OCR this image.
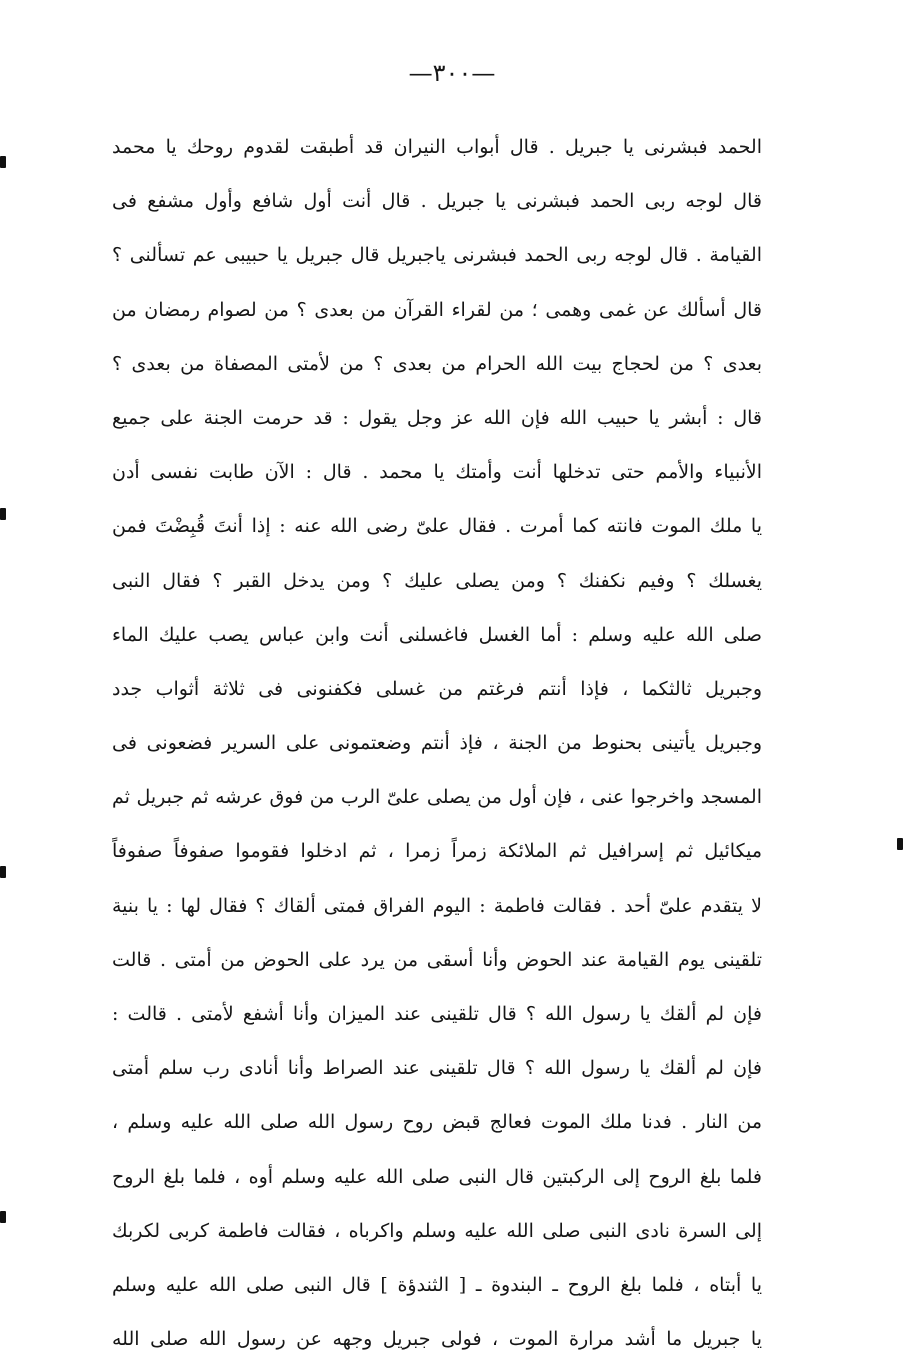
—٣٠٠—
الحمد فبشرنى يا جبريل . قال أبواب النيران قد أطبقت لقدوم روحك يا محمد
قال لوجه ربى الحمد فبشرنى يا جبريل . قال أنت أول شافع وأول مشفع فى
القيامة . قال لوجه ربى الحمد فبشرنى ياجبريل قال جبريل يا حبيبى عم تسألنى ؟
قال أسألك عن غمى وهمى ؛ من لقراء القرآن من بعدى ؟ من لصوام رمضان من
بعدى ؟ من لحجاج بيت الله الحرام من بعدى ؟ من لأمتى المصفاة من بعدى ؟
قال : أبشر يا حبيب الله فإن الله عز وجل يقول : قد حرمت الجنة على جميع
الأنبياء والأمم حتى تدخلها أنت وأمتك يا محمد . قال : الآن طابت نفسى أدن
يا ملك الموت فانته كما أمرت . فقال علىّ رضى الله عنه : إذا أنتَ قُبِضْتَ فمن
يغسلك ؟ وفيم نكفنك ؟ ومن يصلى عليك ؟ ومن يدخل القبر ؟ فقال النبى
صلى الله عليه وسلم : أما الغسل فاغسلنى أنت وابن عباس يصب عليك الماء
وجبريل ثالثكما ، فإذا أنتم فرغتم من غسلى فكفنونى فى ثلاثة أثواب جدد
وجبريل يأتينى بحنوط من الجنة ، فإذ أنتم وضعتمونى على السرير فضعونى فى
المسجد واخرجوا عنى ، فإن أول من يصلى علىّ الرب من فوق عرشه ثم جبريل ثم
ميكائيل ثم إسرافيل ثم الملائكة زمراً زمرا ، ثم ادخلوا فقوموا صفوفاً صفوفاً
لا يتقدم علىّ أحد . فقالت فاطمة : اليوم الفراق فمتى ألقاك ؟ فقال لها : يا بنية
تلقينى يوم القيامة عند الحوض وأنا أسقى من يرد على الحوض من أمتى . قالت
فإن لم ألقك يا رسول الله ؟ قال تلقينى عند الميزان وأنا أشفع لأمتى . قالت :
فإن لم ألقك يا رسول الله ؟ قال تلقينى عند الصراط وأنا أنادى رب سلم أمتى
من النار . فدنا ملك الموت فعالج قبض روح رسول الله صلى الله عليه وسلم ،
فلما بلغ الروح إلى الركبتين قال النبى صلى الله عليه وسلم أوه ، فلما بلغ الروح
إلى السرة نادى النبى صلى الله عليه وسلم واكرباه ، فقالت فاطمة كربى لكربك
يا أبتاه ، فلما بلغ الروح ـ البندوة ـ [ الثندؤة ] قال النبى صلى الله عليه وسلم
يا جبريل ما أشد مرارة الموت ، فولى جبريل وجهه عن رسول الله صلى الله
